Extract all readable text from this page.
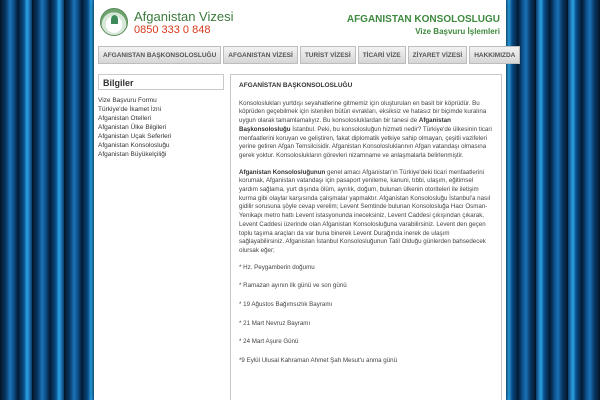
Afganistan Vizesi
0850 333 0 848
AFGANISTAN KONSOLOSLUGU
Vize Başvuru İşlemleri
AFGANISTAN BAŞKONSOLOSLUĞU	AFGANISTAN VİZESİ	TURİST VİZESİ	TİCARİ VİZE	ZİYARET VİZESİ	HAKKIMIZDA
Bilgiler
Vize Başvuru Formu
Türkiye'de İkamet İzni
Afganistan Otelleri
Afganistan Ülke Bilgileri
Afganistan Uçak Seferleri
Afganistan Konsolosluğu
Afganistan Büyükelçiliği
AFGANİSTAN BAŞKONSOLOSLUĞU

Konsoloslukları yurtdışı seyahatlerine gitmemiz için oluşturulan en basit bir köprüdür. Bu köprüden geçebilmek için istenilen bütün evrakları, eksiksiz ve hatasız bir biçimde kuralına uygun olarak tamamlamalıyız. Bu konsolosluklardan bir tanesi de Afganistan Başkonsolosluğu İstanbul. Peki, bu konsolosluğun hizmeti nedir? Türkiye'de ülkesinin ticari menfaatlerini koruyan ve geliştiren, fakat diplomatik yetkiye sahip olmayan, çeşitli vazifeleri yerine getiren Afgan Temsilcisidir. Afganistan Konsolosluklarının Afgan vatandaşı olmasına gerek yoktur. Konsoloslukların görevleri nizamname ve anlaşmalarla belirlenmiştir.

Afganistan Konsolosluğunun genel amacı Afganistan'ın Türkiye'deki ticari menfaatlerini korumak, Afganistan vatandaşı için pasaport yenileme, kanuni, tıbbi, ulaşım, eğitimsel yardım sağlama, yurt dışında ölüm, ayrılık, doğum, bulunan ülkenin otoriteleri ile iletişim kurma gibi olaylar karşısında çalışmalar yapmaktır. Afganistan Konsolosluğu İstanbul'a nasıl gidilir sorusuna şöyle cevap verelim; Levent Semtinde bulunan Konsolosluğa Hacı Osman- Yenikapı metro hattı Levent istasyonunda ineceksiniz, Levent Caddesi çıkışından çıkarak, Levent Caddesi üzerinde olan Afganistan Konsolosluğuna varabilirsiniz. Levent den geçen toplu taşıma araçları da var buna binerek Levent Durağında inerek de ulaşım sağlayabilirsiniz. Afganistan İstanbul Konsolosluğunun Tatil Olduğu günlerden bahsedecek olursak eğer;

* Hz. Peygamberin doğumu
* Ramazan ayının ilk günü ve son günü
* 19 Ağustos Bağımsızlık Bayramı
* 21 Mart Nevruz Bayramı
* 24 Mart Aşure Günü
*9 Eylül Ulusal Kahraman Ahmet Şah Mesut'u anma günü
